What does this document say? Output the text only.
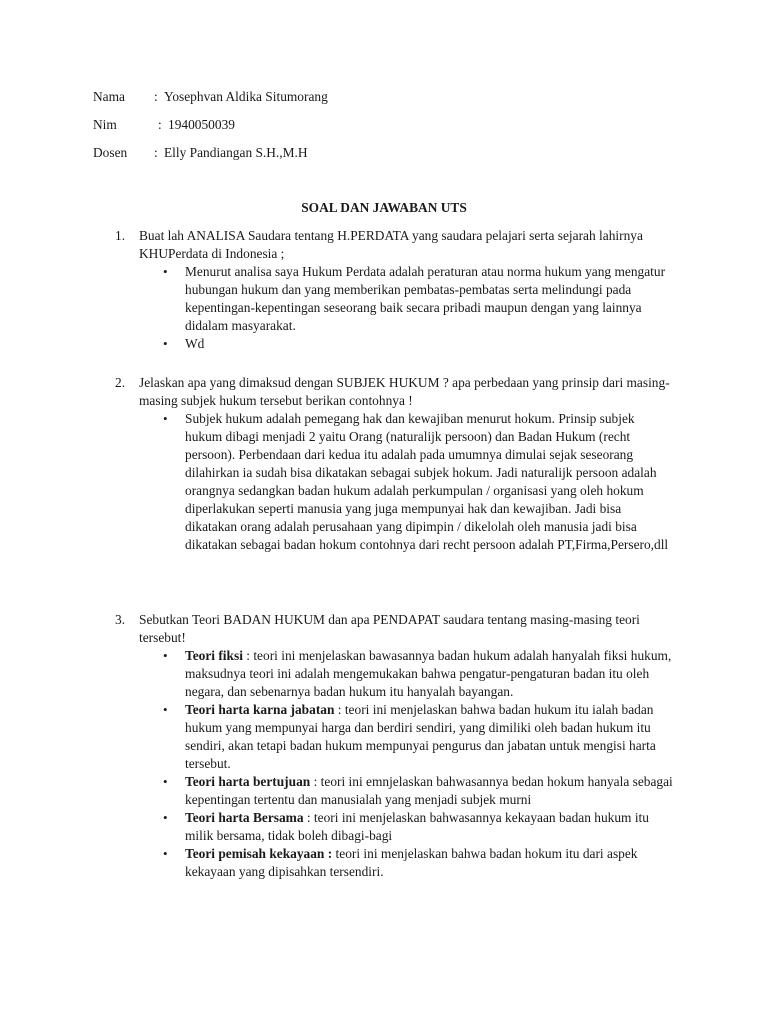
Nama : Yosephvan Aldika Situmorang
Nim	: 1940050039
Dosen : Elly Pandiangan S.H.,M.H
SOAL DAN JAWABAN UTS
1. Buat lah ANALISA Saudara tentang H.PERDATA yang saudara pelajari serta sejarah lahirnya KHUPerdata di Indonesia ;
• Menurut analisa saya Hukum Perdata adalah peraturan atau norma hukum yang mengatur hubungan hukum dan yang memberikan pembatas-pembatas serta melindungi pada kepentingan-kepentingan seseorang baik secara pribadi maupun dengan yang lainnya didalam masyarakat.
• Wd
2. Jelaskan apa yang dimaksud dengan SUBJEK HUKUM ? apa perbedaan yang prinsip dari masing-masing subjek hukum tersebut berikan contohnya !
• Subjek hukum adalah pemegang hak dan kewajiban menurut hokum. Prinsip subjek hukum dibagi menjadi 2 yaitu Orang (naturalijk persoon) dan Badan Hukum (recht persoon). Perbendaan dari kedua itu adalah pada umumnya dimulai sejak seseorang dilahirkan ia sudah bisa dikatakan sebagai subjek hokum. Jadi naturalijk persoon adalah orangnya sedangkan badan hukum adalah perkumpulan / organisasi yang oleh hokum diperlakukan seperti manusia yang juga mempunyai hak dan kewajiban. Jadi bisa dikatakan orang adalah perusahaan yang dipimpin / dikelolah oleh manusia jadi bisa dikatakan sebagai badan hokum contohnya dari recht persoon adalah PT,Firma,Persero,dll
3. Sebutkan Teori BADAN HUKUM dan apa PENDAPAT saudara tentang masing-masing teori tersebut!
• Teori fiksi : teori ini menjelaskan bawasannya badan hukum adalah hanyalah fiksi hukum, maksudnya teori ini adalah mengemukakan bahwa pengatur-pengaturan badan itu oleh negara, dan sebenarnya badan hukum itu hanyalah bayangan.
• Teori harta karna jabatan : teori ini menjelaskan bahwa badan hukum itu ialah badan hukum yang mempunyai harga dan berdiri sendiri, yang dimiliki oleh badan hukum itu sendiri, akan tetapi badan hukum mempunyai pengurus dan jabatan untuk mengisi harta tersebut.
• Teori harta bertujuan : teori ini emnjelaskan bahwasannya bedan hokum hanyala sebagai kepentingan tertentu dan manusialah yang menjadi subjek murni
• Teori harta Bersama : teori ini menjelaskan bahwasannya kekayaan badan hukum itu milik bersama, tidak boleh dibagi-bagi
• Teori pemisah kekayaan : teori ini menjelaskan bahwa badan hokum itu dari aspek kekayaan yang dipisahkan tersendiri.
